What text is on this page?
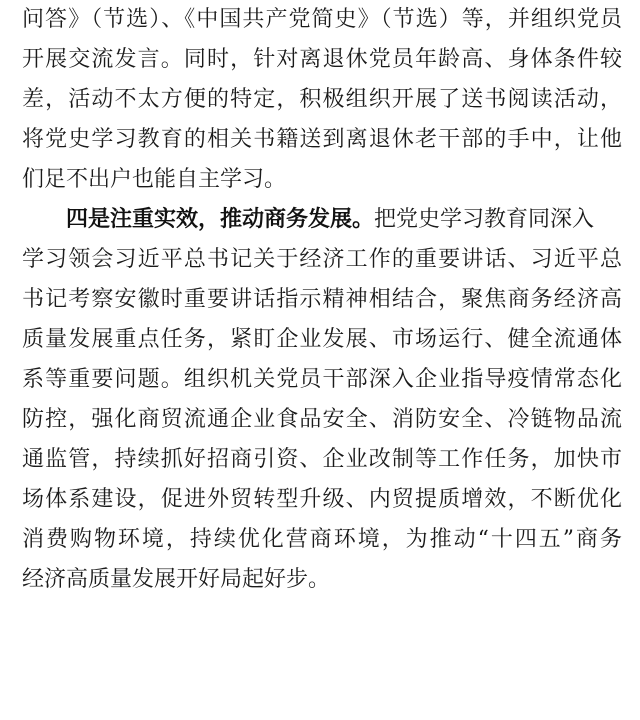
问答》（节选）、《中国共产党简史》（节选）等，并组织党员
开展交流发言。同时，针对离退休党员年龄高、身体条件较
差，活动不太方便的特定，积极组织开展了送书阅读活动，
将党史学习教育的相关书籍送到离退休老干部的手中，让他
们足不出户也能自主学习。
四是注重实效，推动商务发展。把党史学习教育同深入
学习领会习近平总书记关于经济工作的重要讲话、习近平总
书记考察安徽时重要讲话指示精神相结合，聚焦商务经济高
质量发展重点任务，紧盯企业发展、市场运行、健全流通体
系等重要问题。组织机关党员干部深入企业指导疫情常态化
防控，强化商贸流通企业食品安全、消防安全、冷链物品流
通监管，持续抓好招商引资、企业改制等工作任务，加快市
场体系建设，促进外贸转型升级、内贸提质增效，不断优化
消费购物环境，持续优化营商环境，为推动“十四五”商务
经济高质量发展开好局起好步。
